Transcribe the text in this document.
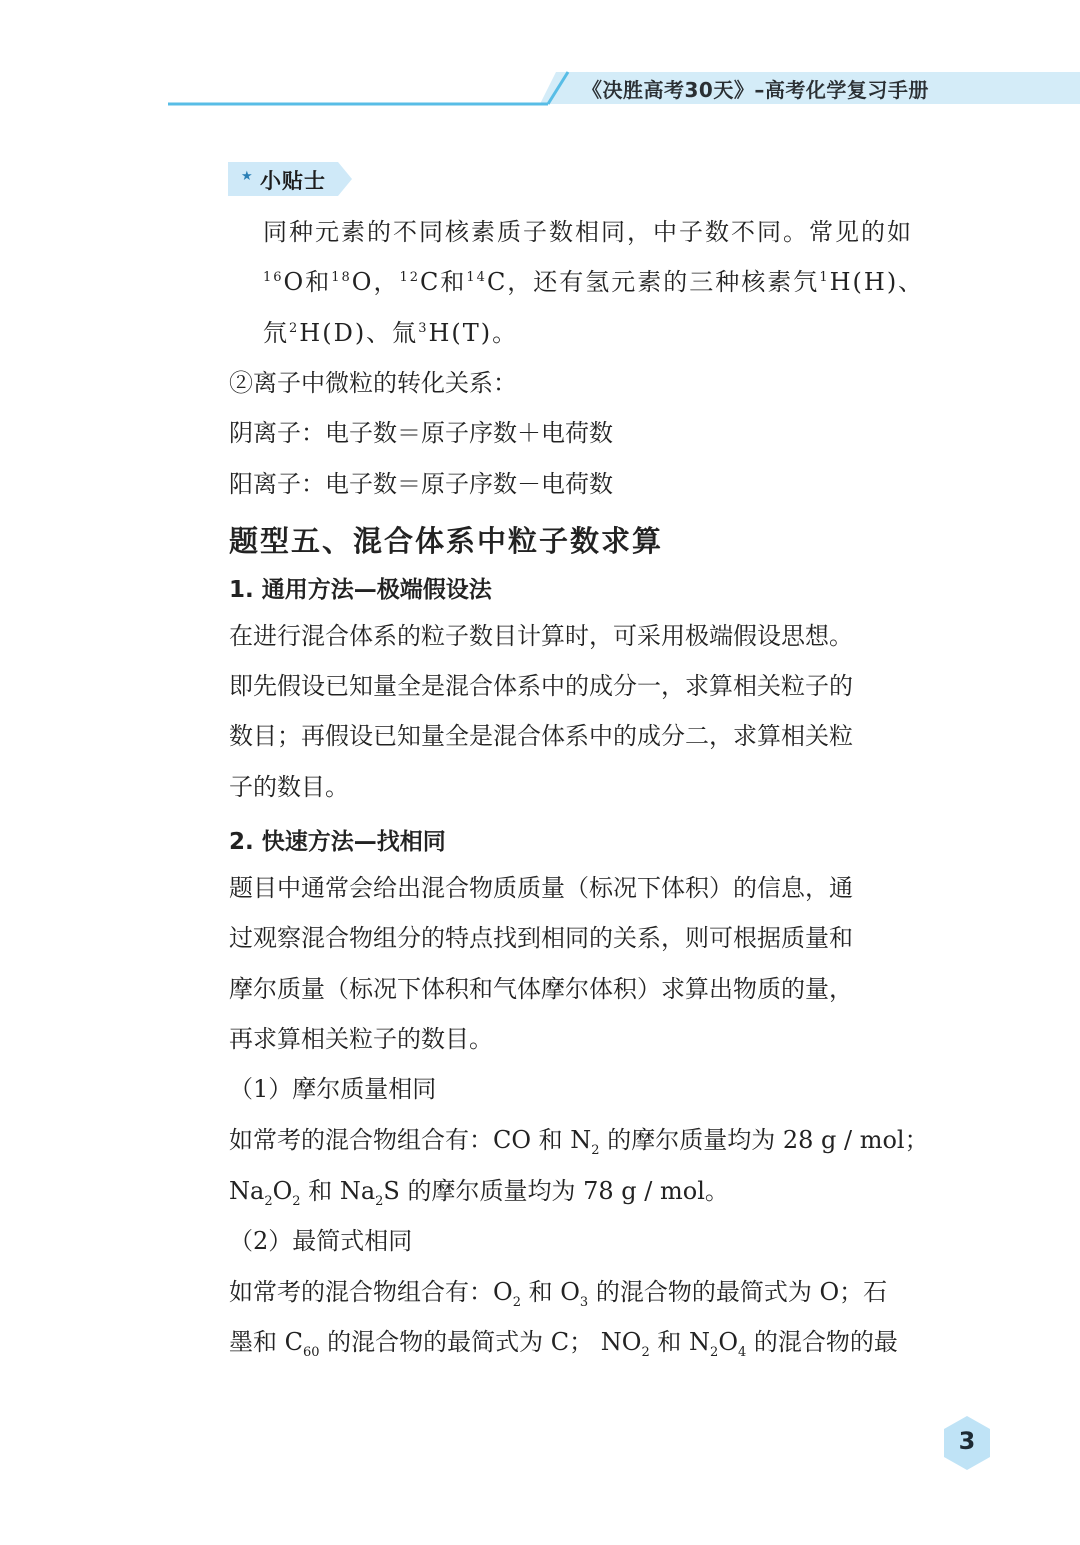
《决胜高考30天》–高考化学复习手册
★ 小贴士
同种元素的不同核素质子数相同，中子数不同。常见的如
$^{16}$O和$^{18}$O，$^{12}$C和$^{14}$C，还有氢元素的三种核素氕$^1$H(H)、
氘$^2$H(D)、氚$^3$H(T)。
②离子中微粒的转化关系：
阴离子：电子数＝原子序数＋电荷数
阳离子：电子数＝原子序数－电荷数
题型五、混合体系中粒子数求算
1. 通用方法—极端假设法
在进行混合体系的粒子数目计算时，可采用极端假设思想。
即先假设已知量全是混合体系中的成分一，求算相关粒子的
数目；再假设已知量全是混合体系中的成分二，求算相关粒
子的数目。
2. 快速方法—找相同
题目中通常会给出混合物质质量（标况下体积）的信息，通
过观察混合物组分的特点找到相同的关系，则可根据质量和
摩尔质量（标况下体积和气体摩尔体积）求算出物质的量，
再求算相关粒子的数目。
（1）摩尔质量相同
如常考的混合物组合有：CO 和 $N_2$ 的摩尔质量均为 28 g / mol；
$Na_2O_2$ 和 $Na_2S$ 的摩尔质量均为 78 g / mol。
（2）最简式相同
如常考的混合物组合有：$O_2$ 和 $O_3$ 的混合物的最简式为 O；石
墨和 $C_{60}$ 的混合物的最简式为 C； $NO_2$ 和 $N_2O_4$ 的混合物的最
3
